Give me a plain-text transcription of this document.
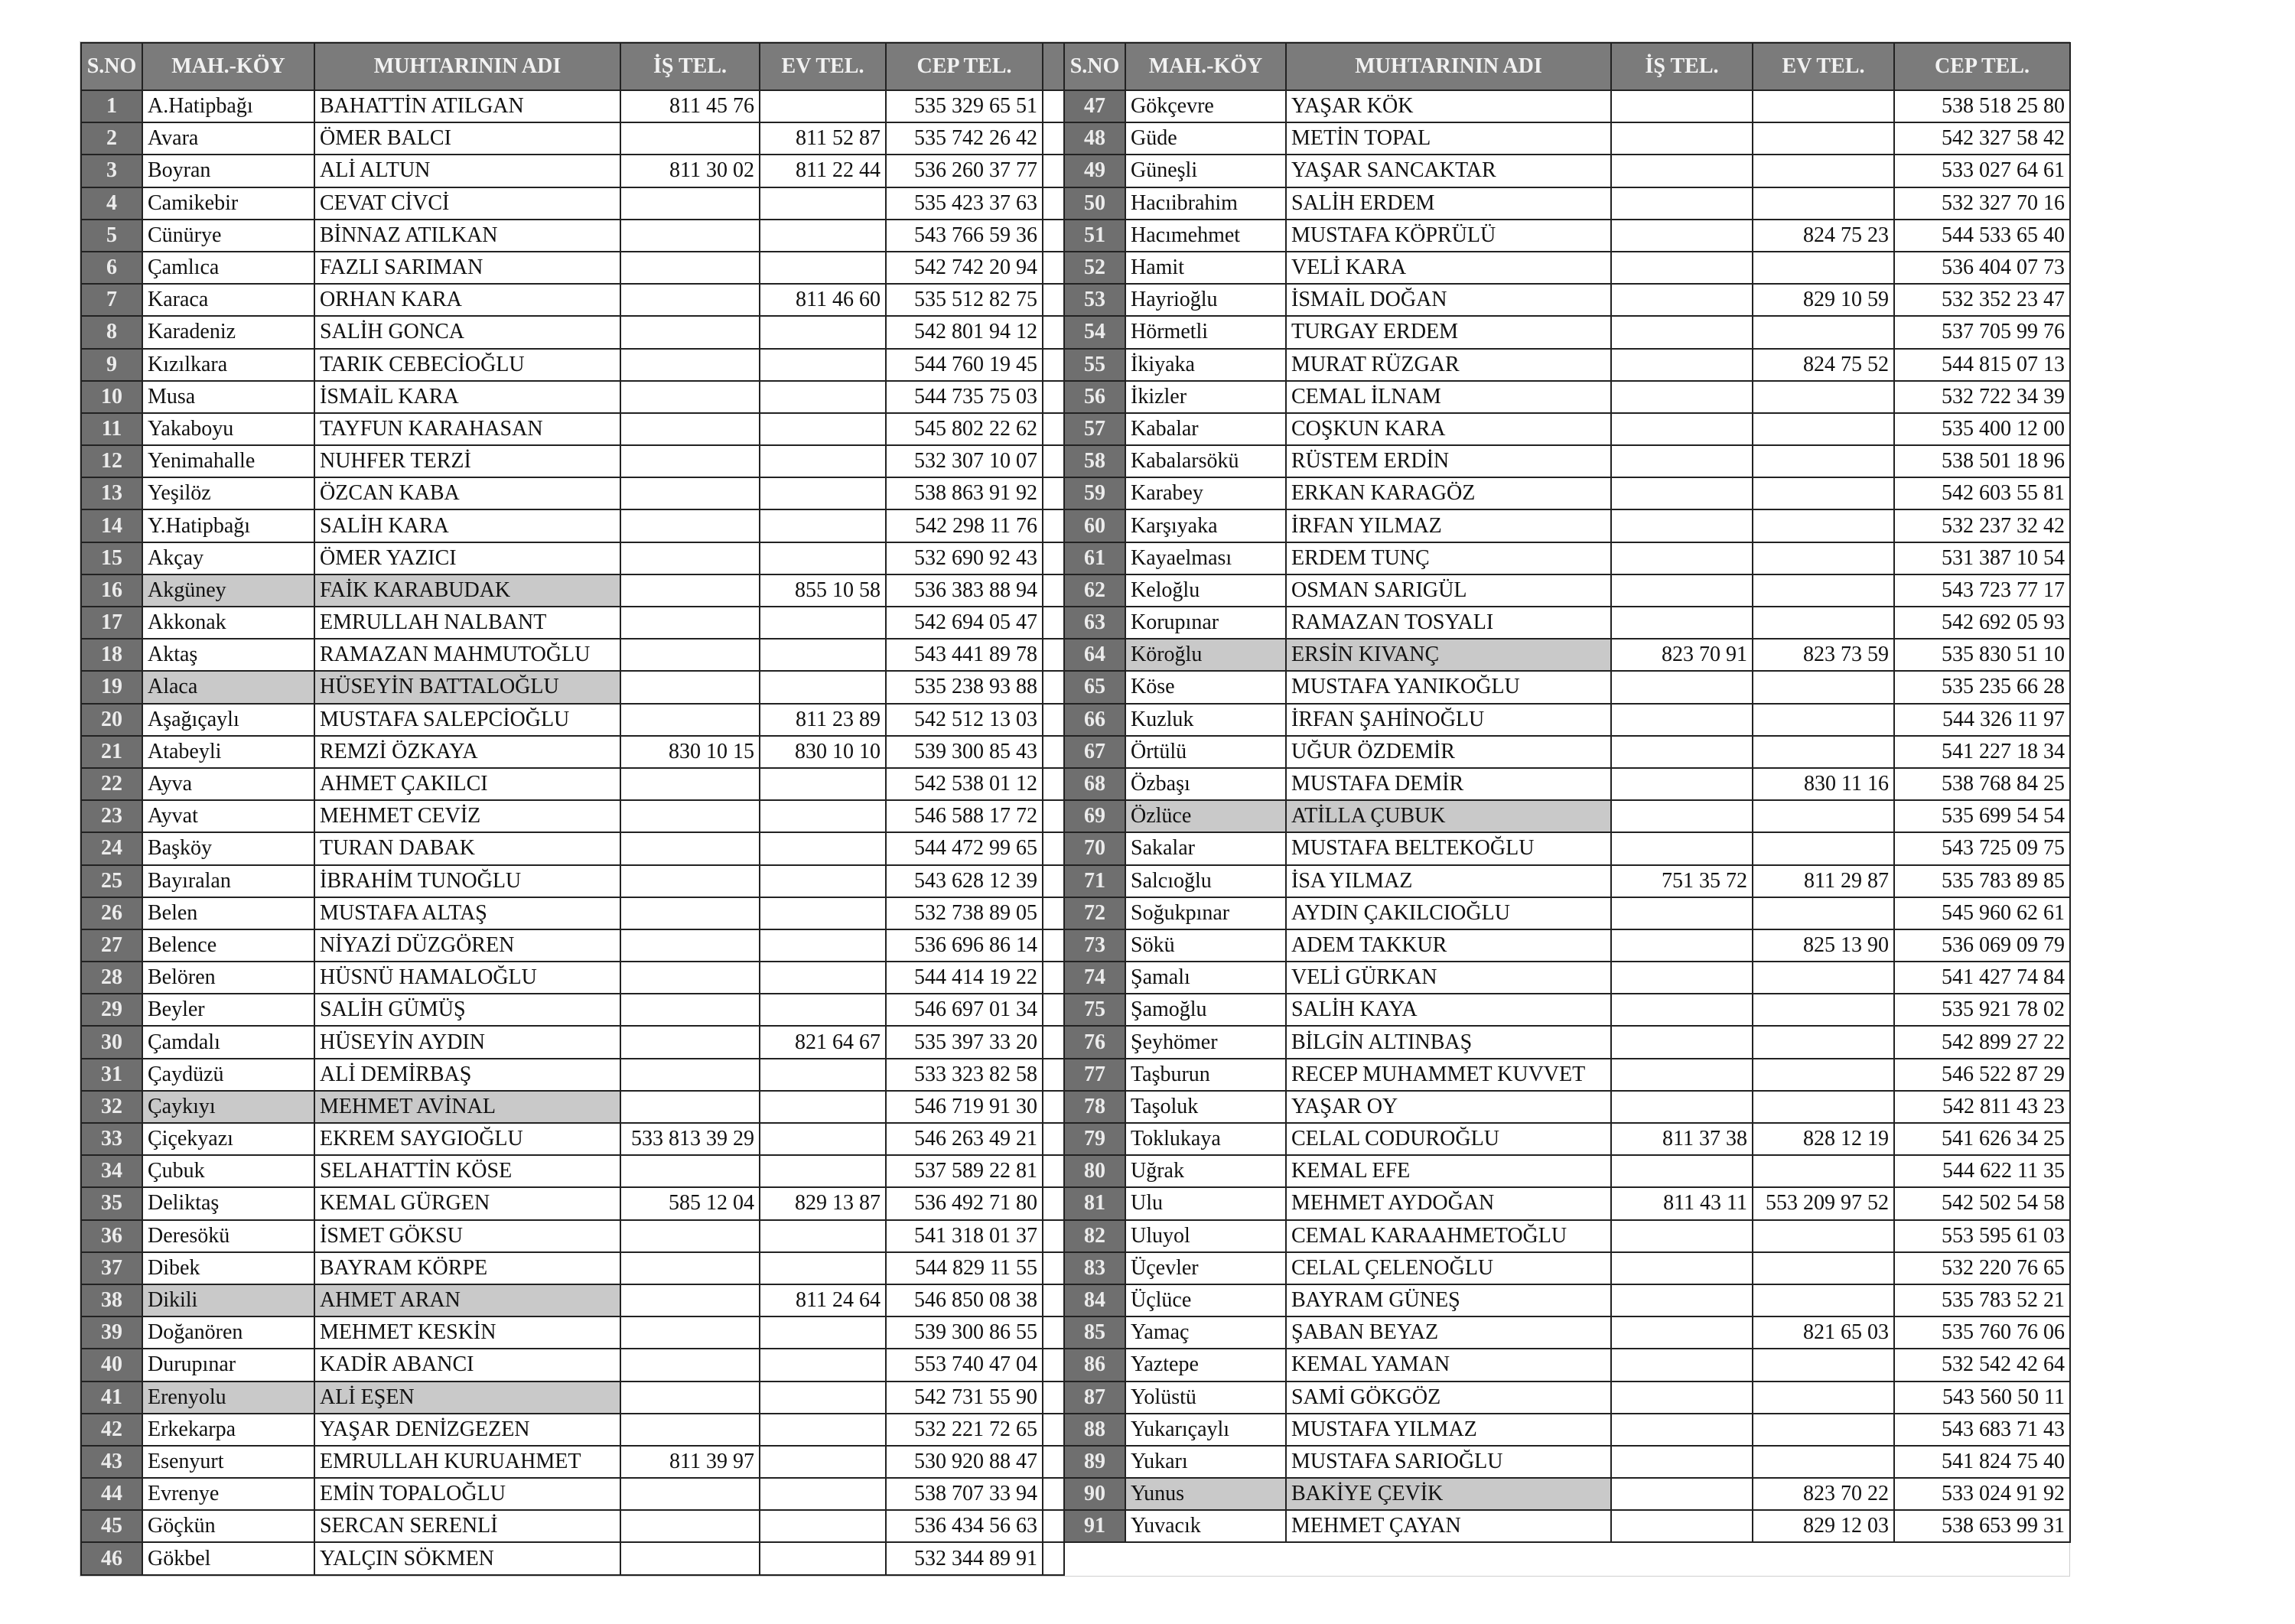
S.NO	MAH.-KÖY	MUHTARININ ADI	İŞ TEL.	EV TEL.	CEP TEL.		S.NO	MAH.-KÖY	MUHTARININ ADI	İŞ TEL.	EV TEL.	CEP TEL.
1	A.Hatipbağı	BAHATTİN ATILGAN	811 45 76		535 329 65 51		47	Gökçevre	YAŞAR KÖK			538 518 25 80
2	Avara	ÖMER BALCI		811 52 87	535 742 26 42		48	Güde	METİN TOPAL			542 327 58 42
3	Boyran	ALİ ALTUN	811 30 02	811 22 44	536 260 37 77		49	Güneşli	YAŞAR SANCAKTAR			533 027 64 61
4	Camikebir	CEVAT CİVCİ			535 423 37 63		50	Hacıibrahim	SALİH ERDEM			532 327 70 16
5	Cünürye	BİNNAZ ATILKAN			543 766 59 36		51	Hacımehmet	MUSTAFA KÖPRÜLÜ		824 75 23	544 533 65 40
6	Çamlıca	FAZLI SARIMAN			542 742 20 94		52	Hamit	VELİ KARA			536 404 07 73
7	Karaca	ORHAN KARA		811 46 60	535 512 82 75		53	Hayrioğlu	İSMAİL DOĞAN		829 10 59	532 352 23 47
8	Karadeniz	SALİH GONCA			542 801 94 12		54	Hörmetli	TURGAY ERDEM			537 705 99 76
9	Kızılkara	TARIK CEBECİOĞLU			544 760 19 45		55	İkiyaka	MURAT RÜZGAR		824 75 52	544 815 07 13
10	Musa	İSMAİL KARA			544 735 75 03		56	İkizler	CEMAL İLNAM			532 722 34 39
11	Yakaboyu	TAYFUN KARAHASAN			545 802 22 62		57	Kabalar	COŞKUN KARA			535 400 12 00
12	Yenimahalle	NUHFER TERZİ			532 307 10 07		58	Kabalarsökü	RÜSTEM ERDİN			538 501 18 96
13	Yeşilöz	ÖZCAN KABA			538 863 91 92		59	Karabey	ERKAN KARAGÖZ			542 603 55 81
14	Y.Hatipbağı	SALİH KARA			542 298 11 76		60	Karşıyaka	İRFAN YILMAZ			532 237 32 42
15	Akçay	ÖMER YAZICI			532 690 92 43		61	Kayaelması	ERDEM TUNÇ			531 387 10 54
16	Akgüney	FAİK KARABUDAK		855 10 58	536 383 88 94		62	Keloğlu	OSMAN SARIGÜL			543 723 77 17
17	Akkonak	EMRULLAH NALBANT			542 694 05 47		63	Korupınar	RAMAZAN TOSYALI			542 692 05 93
18	Aktaş	RAMAZAN MAHMUTOĞLU			543 441 89 78		64	Köroğlu	ERSİN KIVANÇ	823 70 91	823 73 59	535 830 51 10
19	Alaca	HÜSEYİN BATTALOĞLU			535 238 93 88		65	Köse	MUSTAFA YANIKOĞLU			535 235 66 28
20	Aşağıçaylı	MUSTAFA SALEPCİOĞLU		811 23 89	542 512 13 03		66	Kuzluk	İRFAN ŞAHİNOĞLU			544 326 11 97
21	Atabeyli	REMZİ ÖZKAYA	830 10 15	830 10 10	539 300 85 43		67	Örtülü	UĞUR ÖZDEMİR			541 227 18 34
22	Ayva	AHMET ÇAKILCI			542 538 01 12		68	Özbaşı	MUSTAFA DEMİR		830 11 16	538 768 84 25
23	Ayvat	MEHMET CEVİZ			546 588 17 72		69	Özlüce	ATİLLA ÇUBUK			535 699 54 54
24	Başköy	TURAN DABAK			544 472 99 65		70	Sakalar	MUSTAFA BELTEKOĞLU			543 725 09 75
25	Bayıralan	İBRAHİM TUNOĞLU			543 628 12 39		71	Salcıoğlu	İSA YILMAZ	751 35 72	811 29 87	535 783 89 85
26	Belen	MUSTAFA ALTAŞ			532 738 89 05		72	Soğukpınar	AYDIN ÇAKILCIOĞLU			545 960 62 61
27	Belence	NİYAZİ DÜZGÖREN			536 696 86 14		73	Sökü	ADEM TAKKUR		825 13 90	536 069 09 79
28	Belören	HÜSNÜ HAMALOĞLU			544 414 19 22		74	Şamalı	VELİ GÜRKAN			541 427 74 84
29	Beyler	SALİH GÜMÜŞ			546 697 01 34		75	Şamoğlu	SALİH KAYA			535 921 78 02
30	Çamdalı	HÜSEYİN AYDIN		821 64 67	535 397 33 20		76	Şeyhömer	BİLGİN ALTINBAŞ			542 899 27 22
31	Çaydüzü	ALİ DEMİRBAŞ			533 323 82 58		77	Taşburun	RECEP MUHAMMET KUVVET			546 522 87 29
32	Çaykıyı	MEHMET AVİNAL			546 719 91 30		78	Taşoluk	YAŞAR OY			542 811 43 23
33	Çiçekyazı	EKREM SAYGIOĞLU	533 813 39 29		546 263 49 21		79	Toklukaya	CELAL CODUROĞLU	811 37 38	828 12 19	541 626 34 25
34	Çubuk	SELAHATTİN KÖSE			537 589 22 81		80	Uğrak	KEMAL EFE			544 622 11 35
35	Deliktaş	KEMAL GÜRGEN	585 12 04	829 13 87	536 492 71 80		81	Ulu	MEHMET AYDOĞAN	811 43 11	553 209 97 52	542 502 54 58
36	Deresökü	İSMET GÖKSU			541 318 01 37		82	Uluyol	CEMAL KARAAHMETOĞLU			553 595 61 03
37	Dibek	BAYRAM KÖRPE			544 829 11 55		83	Üçevler	CELAL ÇELENOĞLU			532 220 76 65
38	Dikili	AHMET ARAN		811 24 64	546 850 08 38		84	Üçlüce	BAYRAM GÜNEŞ			535 783 52 21
39	Doğanören	MEHMET KESKİN			539 300 86 55		85	Yamaç	ŞABAN BEYAZ		821 65 03	535 760 76 06
40	Durupınar	KADİR ABANCI			553 740 47 04		86	Yaztepe	KEMAL YAMAN			532 542 42 64
41	Erenyolu	ALİ EŞEN			542 731 55 90		87	Yolüstü	SAMİ GÖKGÖZ			543 560 50 11
42	Erkekarpa	YAŞAR DENİZGEZEN			532 221 72 65		88	Yukarıçaylı	MUSTAFA YILMAZ			543 683 71 43
43	Esenyurt	EMRULLAH KURUAHMET	811 39 97		530 920 88 47		89	Yukarı	MUSTAFA SARIOĞLU			541 824 75 40
44	Evrenye	EMİN TOPALOĞLU			538 707 33 94		90	Yunus	BAKİYE ÇEVİK		823 70 22	533 024 91 92
45	Göçkün	SERCAN SERENLİ			536 434 56 63		91	Yuvacık	MEHMET ÇAYAN		829 12 03	538 653 99 31
46	Gökbel	YALÇIN SÖKMEN			532 344 89 91							
